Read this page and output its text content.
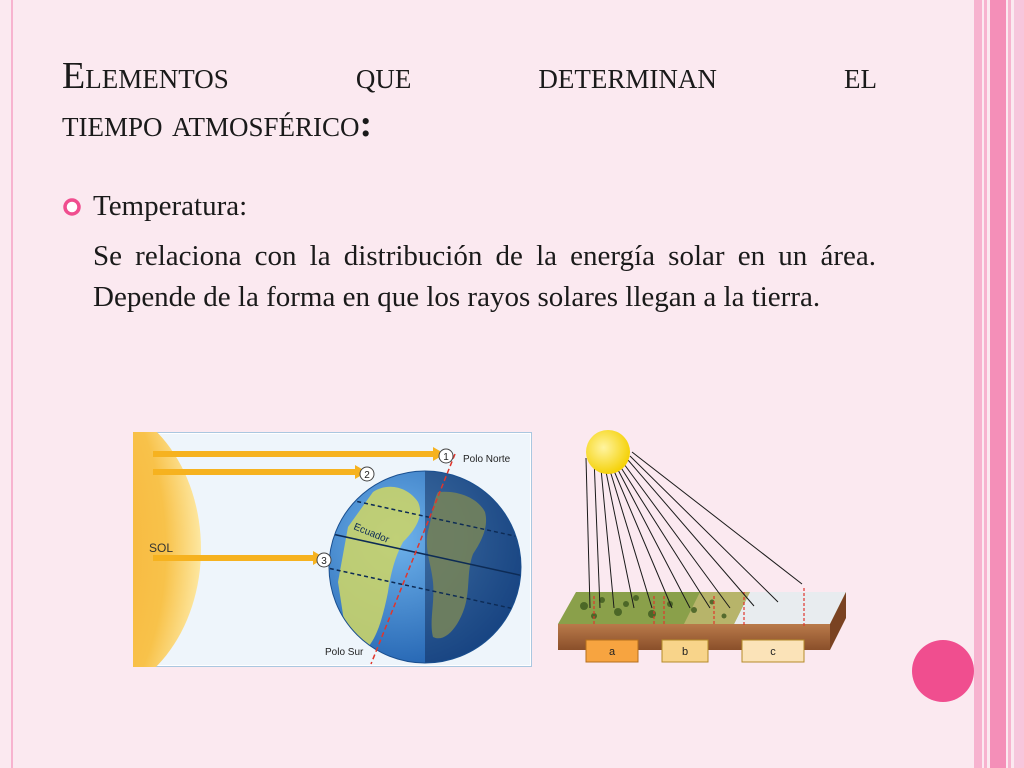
Elementos que determinan el
tiempo atmosférico:
Temperatura:

Se relaciona con la distribución de la energía solar en un área. Depende de la forma en que los rayos solares llegan a la tierra.

SOL
1
2
3
Polo Norte
Polo Sur
Ecuador
a	b	c
